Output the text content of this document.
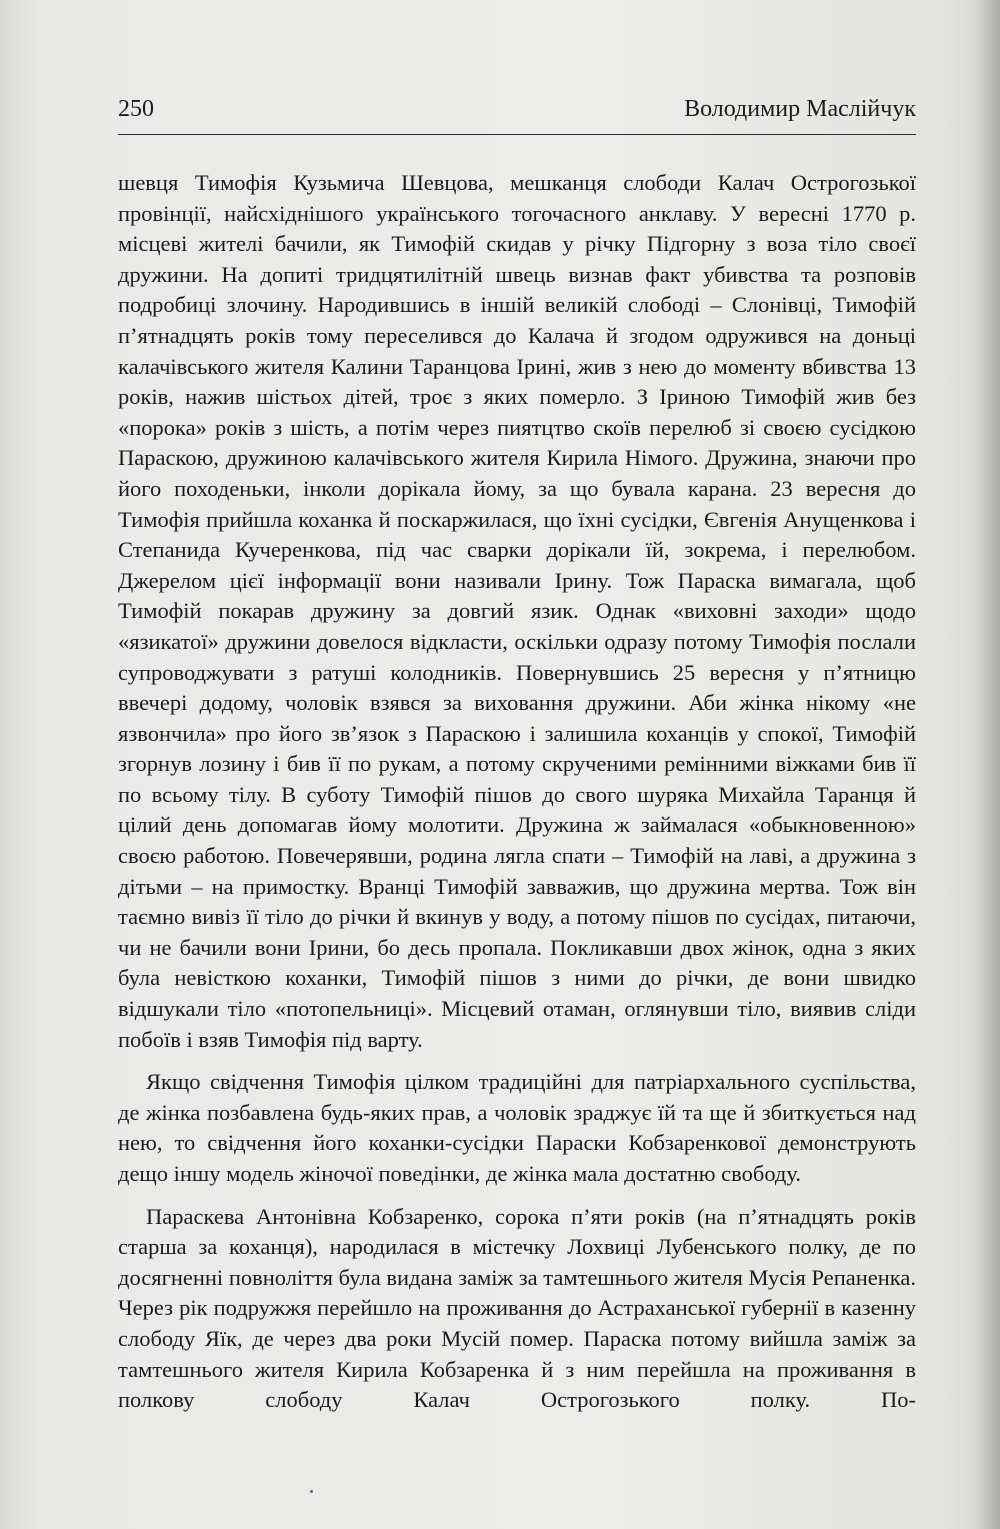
250	Володимир Маслійчук

шевця Тимофія Кузьмича Шевцова, мешканця слободи Калач Острогозької провінції, найсхіднішого українського тогочасного анклаву. У вересні 1770 р. місцеві жителі бачили, як Тимофій скидав у річку Підгорну з воза тіло своєї дружини. На допиті тридцятилітній швець визнав факт убивства та розповів подробиці злочину. Народившись в іншій великій слободі – Слонівці, Тимофій п’ятнадцять років тому переселився до Калача й згодом одружився на доньці калачівського жителя Калини Таранцова Ірині, жив з нею до моменту вбивства 13 років, нажив шістьох дітей, троє з яких померло. З Іриною Тимофій жив без «порока» років з шість, а потім через пиятцтво скоїв перелюб зі своєю сусідкою Параскою, дружиною калачівського жителя Кирила Німого. Дружина, знаючи про його походеньки, інколи дорікала йому, за що бувала карана. 23 вересня до Тимофія прийшла коханка й поскаржилася, що їхні сусідки, Євгенія Анущенкова і Степанида Кучеренкова, під час сварки дорікали їй, зокрема, і перелюбом. Джерелом цієї інформації вони називали Ірину. Тож Параска вимагала, щоб Тимофій покарав дружину за довгий язик. Однак «виховні заходи» щодо «язикатої» дружини довелося відкласти, оскільки одразу потому Тимофія послали супроводжувати з ратуші колодників. Повернувшись 25 вересня у п’ятницю ввечері додому, чоловік взявся за виховання дружини. Аби жінка нікому «не язвончила» про його зв’язок з Параскою і залишила коханців у спокої, Тимофій згорнув лозину і бив її по рукам, а потому скрученими ремінними віжками бив її по всьому тілу. В суботу Тимофій пішов до свого шуряка Михайла Таранця й цілий день допомагав йому молотити. Дружина ж займалася «обыкновенною» своєю работою. Повечерявши, родина лягла спати – Тимофій на лаві, а дружина з дітьми – на примостку. Вранці Тимофій завважив, що дружина мертва. Тож він таємно вивіз її тіло до річки й вкинув у воду, а потому пішов по сусідах, питаючи, чи не бачили вони Ірини, бо десь пропала. Покликавши двох жінок, одна з яких була невісткою коханки, Тимофій пішов з ними до річки, де вони швидко відшукали тіло «потопельниці». Місцевий отаман, оглянувши тіло, виявив сліди побоїв і взяв Тимофія під варту.

Якщо свідчення Тимофія цілком традиційні для патріархального суспільства, де жінка позбавлена будь-яких прав, а чоловік зраджує їй та ще й збиткується над нею, то свідчення його коханки-сусідки Параски Кобзаренкової демонструють дещо іншу модель жіночої поведінки, де жінка мала достатню свободу.

Параскева Антонівна Кобзаренко, сорока п’яти років (на п’ятнадцять років старша за коханця), народилася в містечку Лохвиці Лубенського полку, де по досягненні повноліття була видана заміж за тамтешнього жителя Мусія Репаненка. Через рік подружжя перейшло на проживання до Астраханської губернії в казенну слободу Яїк, де через два роки Мусій помер. Параска потому вийшла заміж за тамтешнього жителя Кирила Кобзаренка й з ним перейшла на проживання в полкову слободу Калач Острогозького полку. По-
